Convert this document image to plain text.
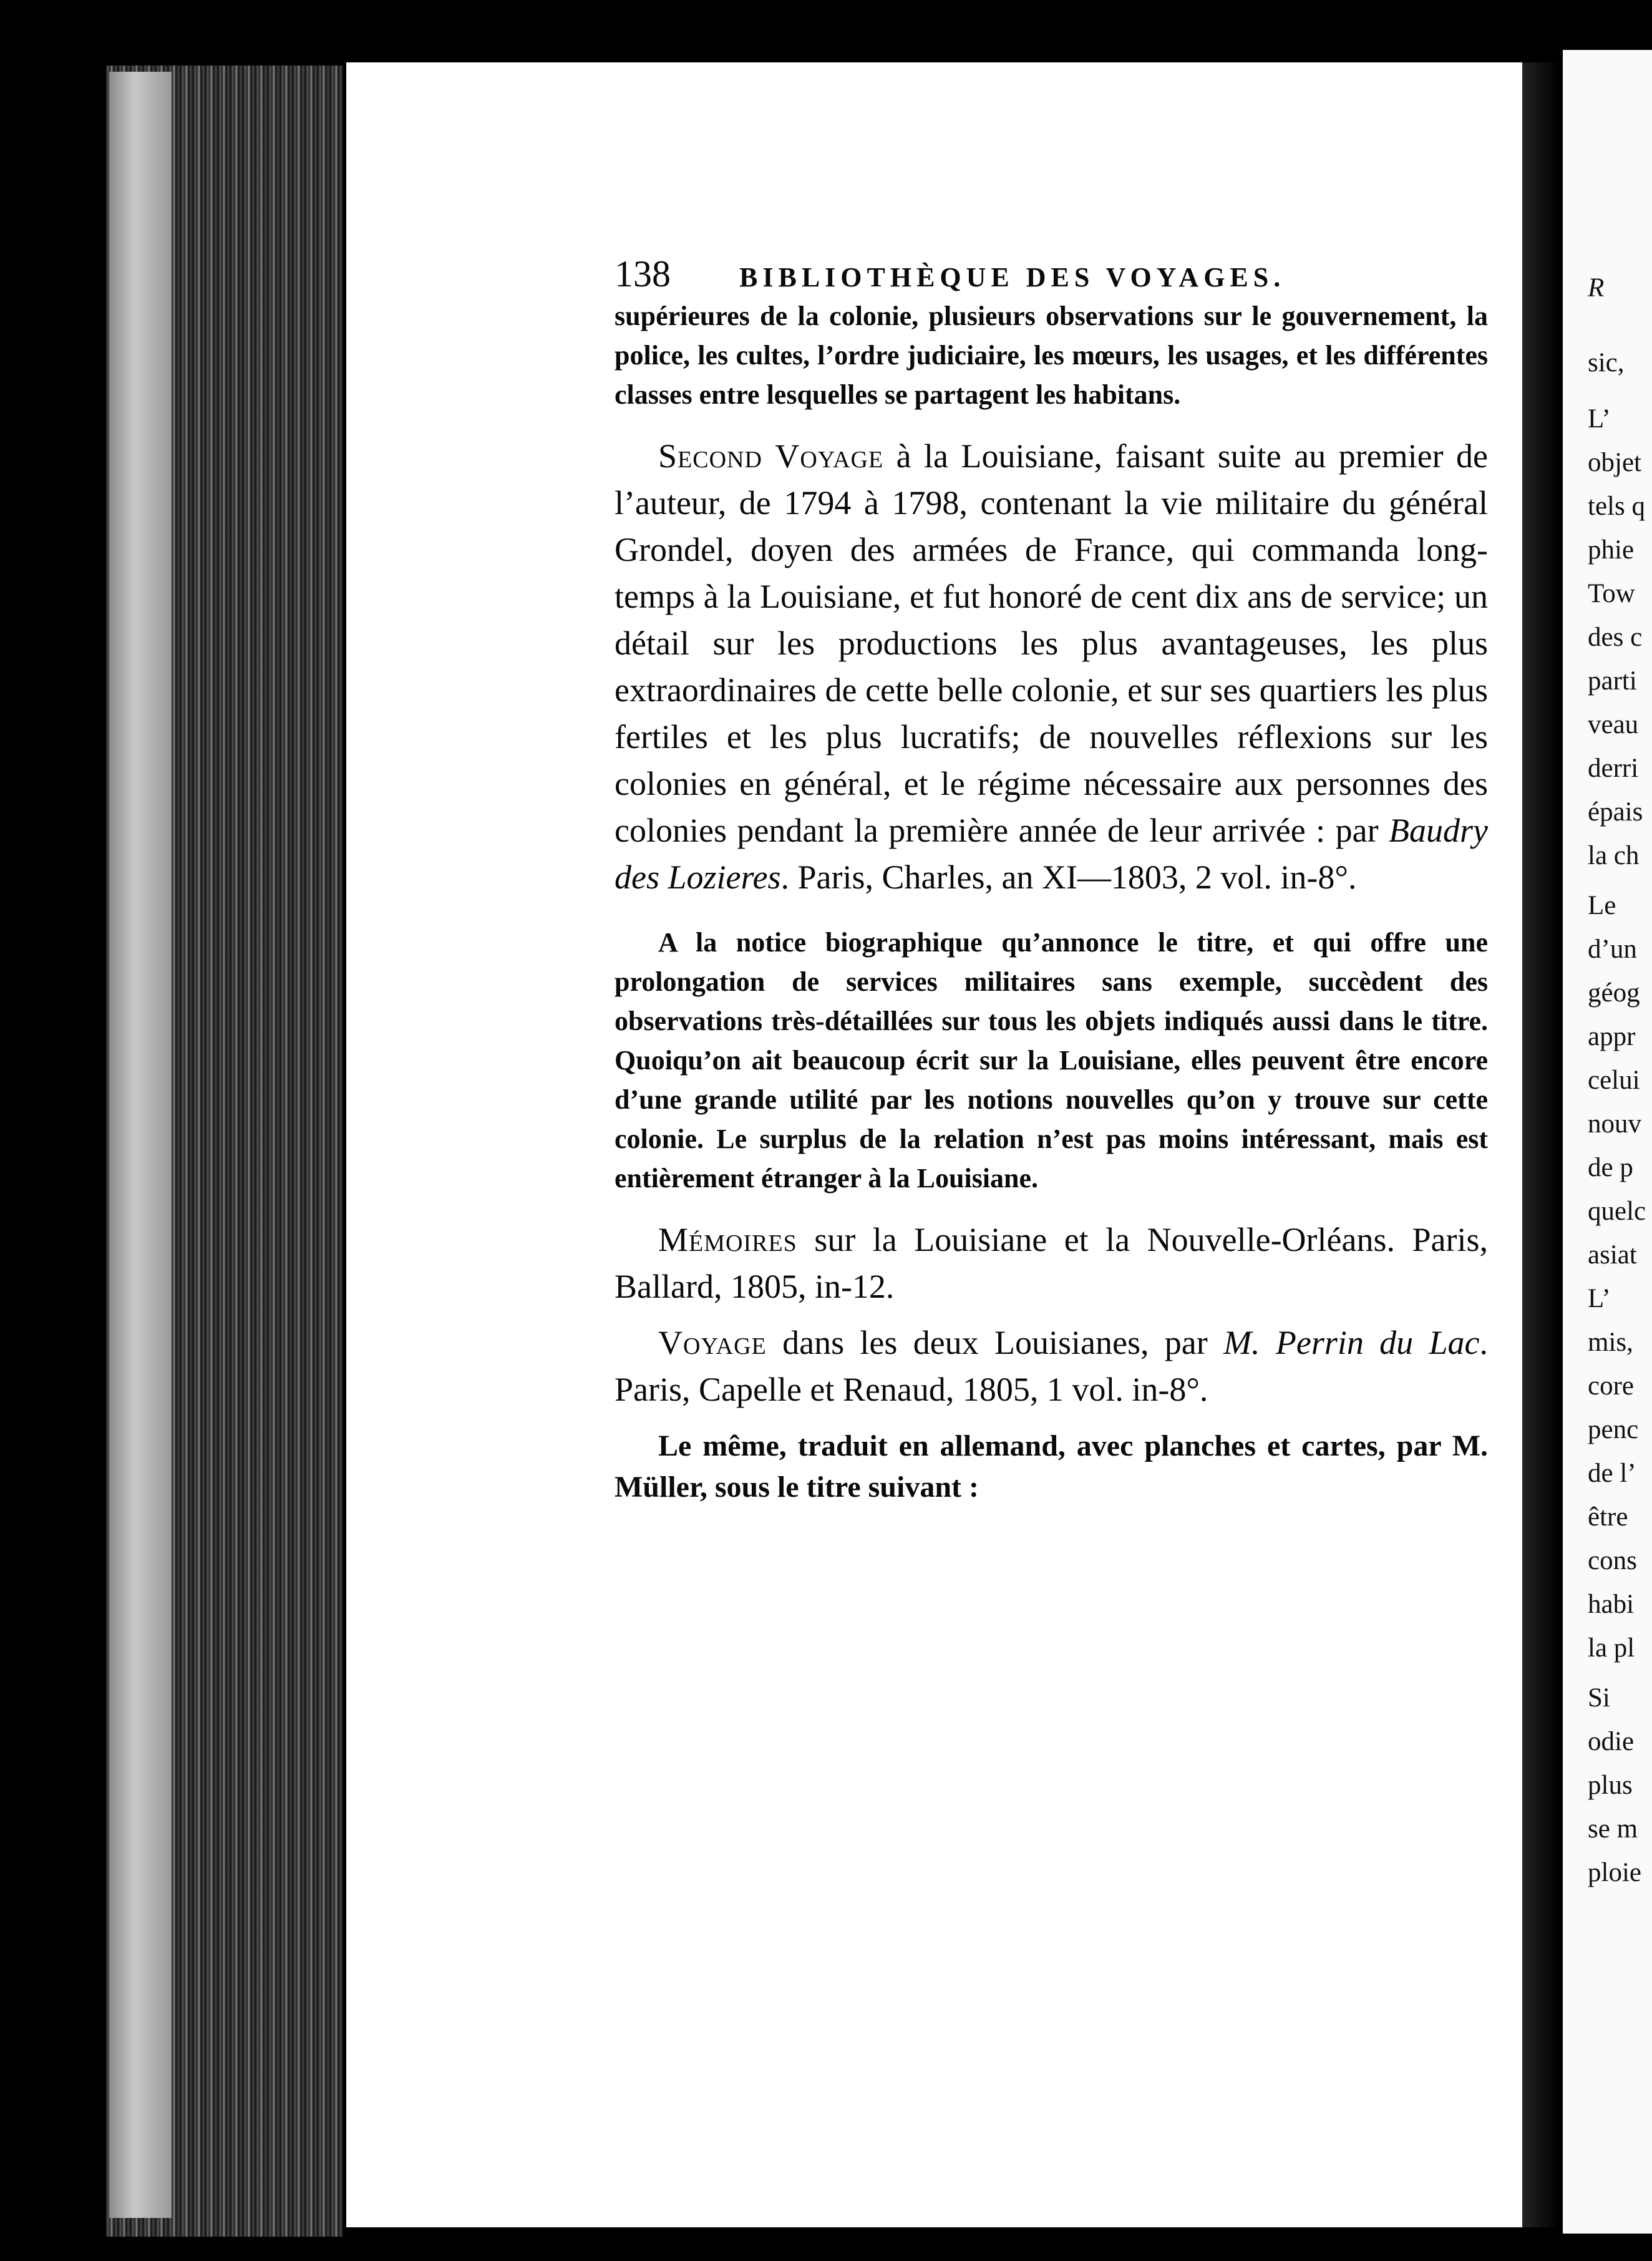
R
sic,
L’
objet
tels q
phie
Tow
des c
parti
veau
derri
épais
la ch
Le
d’un
géog
appr
celui
nouv
de p
quelc
asiat
L’
mis,
core
penc
de l’
être
cons
habi
la pl
Si
odie
plus
se m
ploie
138	BIBLIOTHÈQUE DES VOYAGES.

supérieures de la colonie, plusieurs observations sur le gouvernement, la police, les cultes, l’ordre judiciaire, les mœurs, les usages, et les différentes classes entre lesquelles se partagent les habitans.

Second Voyage à la Louisiane, faisant suite au premier de l’auteur, de 1794 à 1798, contenant la vie militaire du général Grondel, doyen des armées de France, qui commanda long-temps à la Louisiane, et fut honoré de cent dix ans de service; un détail sur les productions les plus avantageuses, les plus extraordinaires de cette belle colonie, et sur ses quartiers les plus fertiles et les plus lucratifs; de nouvelles réflexions sur les colonies en général, et le régime nécessaire aux personnes des colonies pendant la première année de leur arrivée : par Baudry des Lozieres. Paris, Charles, an XI—1803, 2 vol. in-8°.

A la notice biographique qu’annonce le titre, et qui offre une prolongation de services militaires sans exemple, succèdent des observations très-détaillées sur tous les objets indiqués aussi dans le titre. Quoiqu’on ait beaucoup écrit sur la Louisiane, elles peuvent être encore d’une grande utilité par les notions nouvelles qu’on y trouve sur cette colonie. Le surplus de la relation n’est pas moins intéressant, mais est entièrement étranger à la Louisiane.

Mémoires sur la Louisiane et la Nouvelle-Orléans. Paris, Ballard, 1805, in-12.

Voyage dans les deux Louisianes, par M. Perrin du Lac. Paris, Capelle et Renaud, 1805, 1 vol. in-8°.

Le même, traduit en allemand, avec planches et cartes, par M. Müller, sous le titre suivant :
